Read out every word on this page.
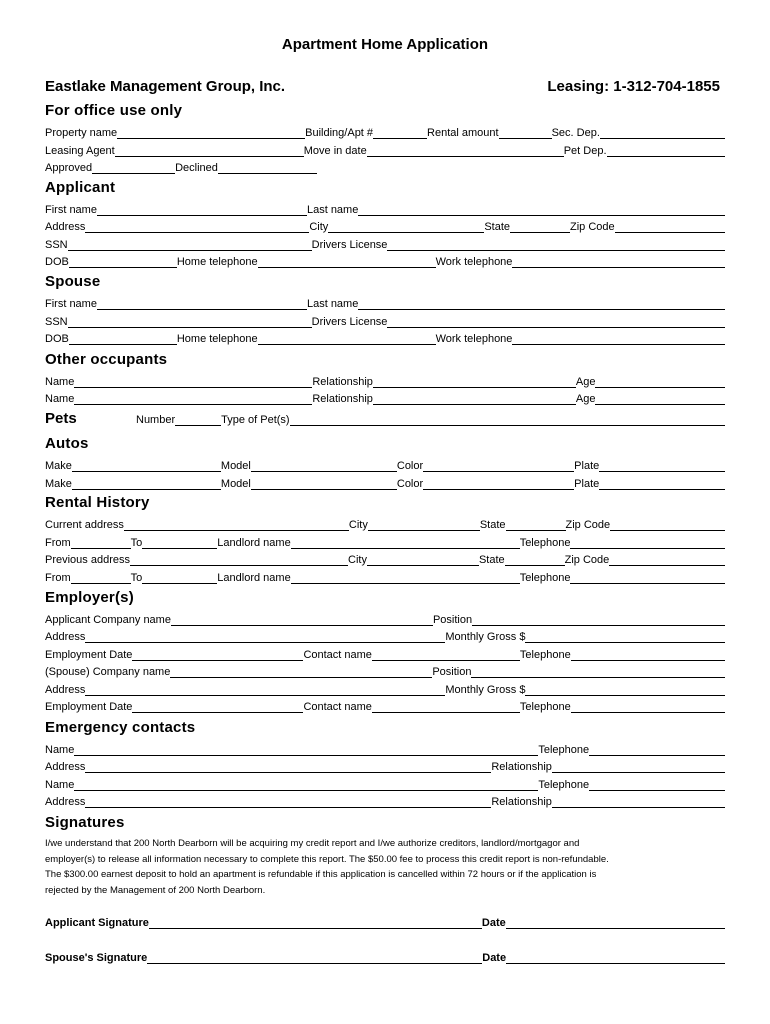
Apartment Home Application
Eastlake Management Group, Inc.	Leasing: 1-312-704-1855
For office use only
Property name	Building/Apt #	Rental amount	Sec. Dep.
Leasing Agent	Move in date	Pet Dep.
Approved	Declined
Applicant
First name	Last name
Address	City	State	Zip Code
SSN	Drivers License
DOB	Home telephone	Work telephone
Spouse
First name	Last name
SSN	Drivers License
DOB	Home telephone	Work telephone
Other occupants
Name	Relationship	Age
Name	Relationship	Age
Pets	Number	Type of Pet(s)
Autos
Make	Model	Color	Plate
Make	Model	Color	Plate
Rental History
Current address	City	State	Zip Code
From	To	Landlord name	Telephone
Previous address	City	State	Zip Code
From	To	Landlord name	Telephone
Employer(s)
Applicant Company name	Position
Address	Monthly Gross $
Employment Date	Contact name	Telephone
(Spouse) Company name	Position
Address	Monthly Gross $
Employment Date	Contact name	Telephone
Emergency contacts
Name	Telephone
Address	Relationship
Name	Telephone
Address	Relationship
Signatures
I/we understand that 200 North Dearborn will be acquiring my credit report and I/we authorize creditors, landlord/mortgagor and
employer(s) to release all information necessary to complete this report. The $50.00 fee to process this credit report is non-refundable.
The $300.00 earnest deposit to hold an apartment is refundable if this application is cancelled within 72 hours or if the application is
rejected by the Management of 200 North Dearborn.
Applicant Signature	Date
Spouse's Signature	Date
